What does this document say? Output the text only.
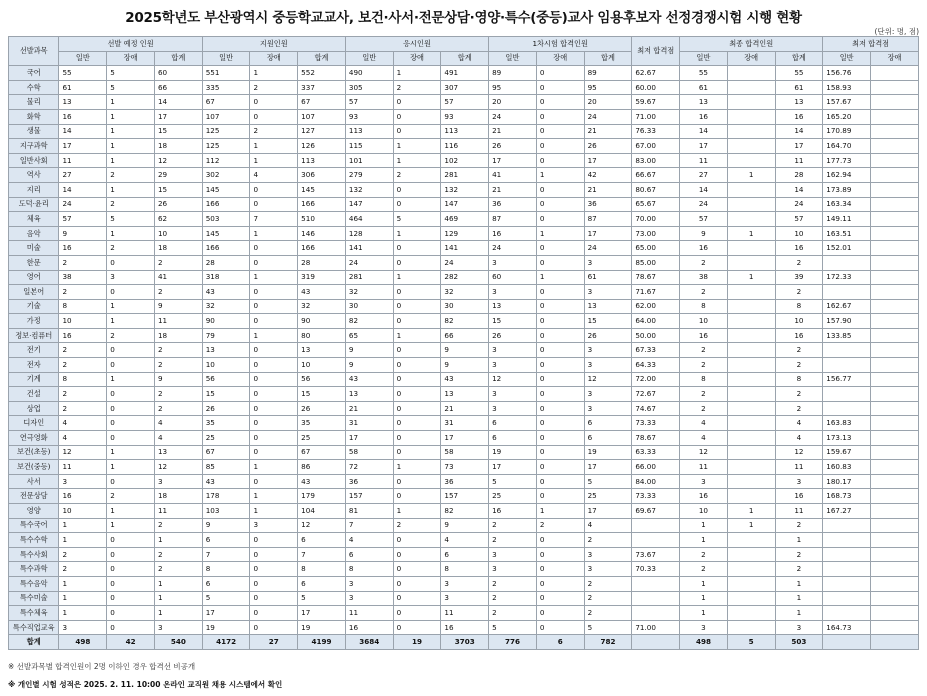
2025학년도 부산광역시 중등학교교사, 보건·사서·전문상담·영양·특수(중등)교사 임용후보자 선정경쟁시험 시행 현황
(단위: 명, 점)
선발과목	선발 예정 인원			지원인원			응시인원			1차시험 합격인원			최저 합격점	최종 합격인원			최저 합격점	
	일반	장애	합계	일반	장애	합계	일반	장애	합계	일반	장애	합계		일반	장애	합계	일반	장애
국어	55	5	60	551	1	552	490	1	491	89	0	89	62.67	55		55	156.76	
수학	61	5	66	335	2	337	305	2	307	95	0	95	60.00	61		61	158.93	
물리	13	1	14	67	0	67	57	0	57	20	0	20	59.67	13		13	157.67	
화학	16	1	17	107	0	107	93	0	93	24	0	24	71.00	16		16	165.20	
생물	14	1	15	125	2	127	113	0	113	21	0	21	76.33	14		14	170.89	
지구과학	17	1	18	125	1	126	115	1	116	26	0	26	67.00	17		17	164.70	
일반사회	11	1	12	112	1	113	101	1	102	17	0	17	83.00	11		11	177.73	
역사	27	2	29	302	4	306	279	2	281	41	1	42	66.67	27	1	28	162.94	
지리	14	1	15	145	0	145	132	0	132	21	0	21	80.67	14		14	173.89	
도덕·윤리	24	2	26	166	0	166	147	0	147	36	0	36	65.67	24		24	163.34	
체육	57	5	62	503	7	510	464	5	469	87	0	87	70.00	57		57	149.11	
음악	9	1	10	145	1	146	128	1	129	16	1	17	73.00	9	1	10	163.51	
미술	16	2	18	166	0	166	141	0	141	24	0	24	65.00	16		16	152.01	
한문	2	0	2	28	0	28	24	0	24	3	0	3	85.00	2		2		
영어	38	3	41	318	1	319	281	1	282	60	1	61	78.67	38	1	39	172.33	
일본어	2	0	2	43	0	43	32	0	32	3	0	3	71.67	2		2		
기술	8	1	9	32	0	32	30	0	30	13	0	13	62.00	8		8	162.67	
가정	10	1	11	90	0	90	82	0	82	15	0	15	64.00	10		10	157.90	
정보·컴퓨터	16	2	18	79	1	80	65	1	66	26	0	26	50.00	16		16	133.85	
전기	2	0	2	13	0	13	9	0	9	3	0	3	67.33	2		2		
전자	2	0	2	10	0	10	9	0	9	3	0	3	64.33	2		2		
기계	8	1	9	56	0	56	43	0	43	12	0	12	72.00	8		8	156.77	
건설	2	0	2	15	0	15	13	0	13	3	0	3	72.67	2		2		
상업	2	0	2	26	0	26	21	0	21	3	0	3	74.67	2		2		
디자인	4	0	4	35	0	35	31	0	31	6	0	6	73.33	4		4	163.83	
연극영화	4	0	4	25	0	25	17	0	17	6	0	6	78.67	4		4	173.13	
보건(초등)	12	1	13	67	0	67	58	0	58	19	0	19	63.33	12		12	159.67	
보건(중등)	11	1	12	85	1	86	72	1	73	17	0	17	66.00	11		11	160.83	
사서	3	0	3	43	0	43	36	0	36	5	0	5	84.00	3		3	180.17	
전문상담	16	2	18	178	1	179	157	0	157	25	0	25	73.33	16		16	168.73	
영양	10	1	11	103	1	104	81	1	82	16	1	17	69.67	10	1	11	167.27	
특수국어	1	1	2	9	3	12	7	2	9	2	2	4		1	1	2		
특수수학	1	0	1	6	0	6	4	0	4	2	0	2		1		1		
특수사회	2	0	2	7	0	7	6	0	6	3	0	3	73.67	2		2		
특수과학	2	0	2	8	0	8	8	0	8	3	0	3	70.33	2		2		
특수음악	1	0	1	6	0	6	3	0	3	2	0	2		1		1		
특수미술	1	0	1	5	0	5	3	0	3	2	0	2		1		1		
특수체육	1	0	1	17	0	17	11	0	11	2	0	2		1		1		
특수직업교육	3	0	3	19	0	19	16	0	16	5	0	5	71.00	3		3	164.73	
합계	498	42	540	4172	27	4199	3684	19	3703	776	6	782		498	5	503		
※ 선발과목별 합격인원이 2명 이하인 경우 합격선 비공개
※ 개인별 시험 성적은 2025. 2. 11. 10:00 온라인 교직원 채용 시스템에서 확인
